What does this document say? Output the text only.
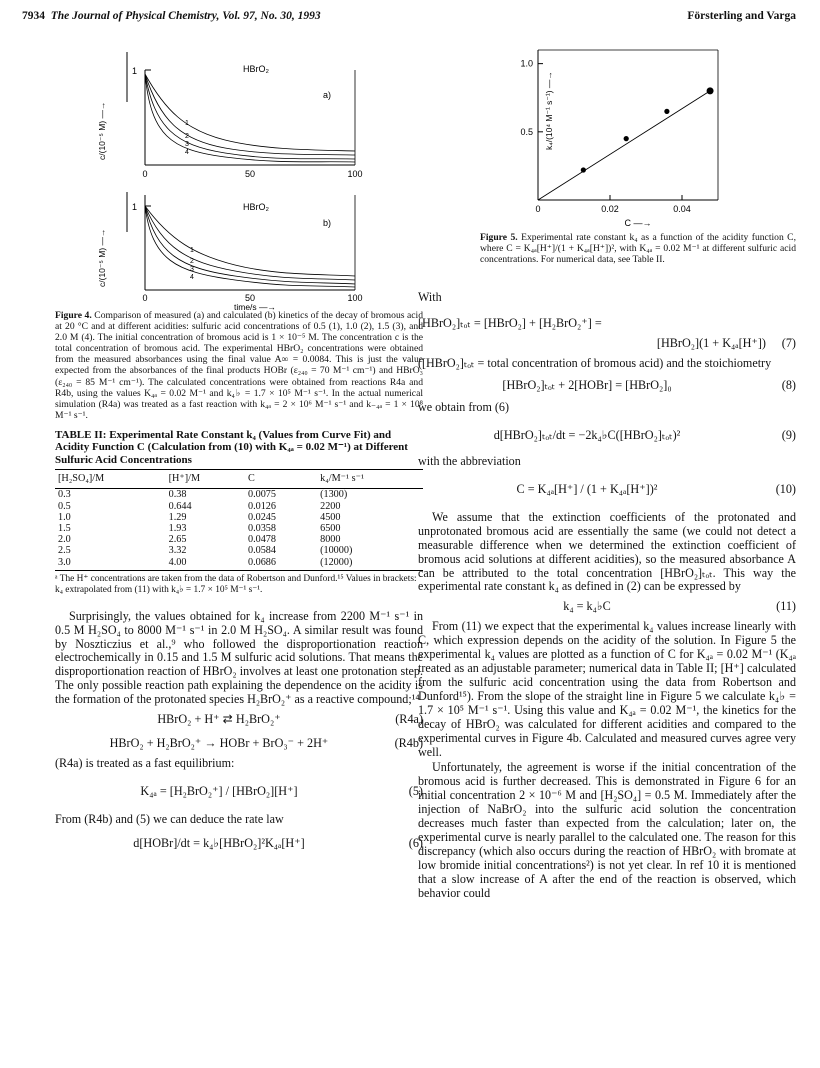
7934 The Journal of Physical Chemistry, Vol. 97, No. 30, 1993	Försterling and Varga
1
c/(10⁻⁵ M) —→
HBrO₂
a)
1
2
3
4
0	50	100
1
c/(10⁻⁵ M) —→
HBrO₂
b)
1
2
3
4
0	50	100
time/s —→
Figure 4. Comparison of measured (a) and calculated (b) kinetics of the decay of bromous acid at 20 °C and at different acidities: sulfuric acid concentrations of 0.5 (1), 1.0 (2), 1.5 (3), and 2.0 M (4). The initial concentration of bromous acid is 1 × 10⁻⁵ M. The concentration c is the total concentration of bromous acid. The experimental HBrO₂ concentrations were obtained from the measured absorbances using the final value A∞ = 0.0084. This is just the value expected from the absorbances of the final products HOBr (ε₂₄₀ = 70 M⁻¹ cm⁻¹) and HBrO₃ (ε₂₄₀ = 85 M⁻¹ cm⁻¹). The calculated concentrations were obtained from reactions R4a and R4b, using the values K₄ₐ = 0.02 M⁻¹ and k₄♭ = 1.7 × 10⁵ M⁻¹ s⁻¹. In the actual numerical simulation (R4a) was treated as a fast reaction with k₄ₐ = 2 × 10⁶ M⁻¹ s⁻¹ and k₋₄ₐ = 1 × 10⁸ M⁻¹ s⁻¹.
TABLE II: Experimental Rate Constant k₄ (Values from Curve Fit) and Acidity Function C (Calculation from (10) with K₄ₐ = 0.02 M⁻¹) at Different Sulfuric Acid Concentrations
[H₂SO₄]/M	[H⁺]/M	C	k₄/M⁻¹ s⁻¹
0.3	0.38	0.0075	(1300)
0.5	0.644	0.0126	2200
1.0	1.29	0.0245	4500
1.5	1.93	0.0358	6500
2.0	2.65	0.0478	8000
2.5	3.32	0.0584	(10000)
3.0	4.00	0.0686	(12000)
ᵃ The H⁺ concentrations are taken from the data of Robertson and Dunford.¹⁵ Values in brackets: k₄ extrapolated from (11) with k₄♭ = 1.7 × 10⁵ M⁻¹ s⁻¹.

Surprisingly, the values obtained for k₄ increase from 2200 M⁻¹ s⁻¹ in 0.5 M H₂SO₄ to 8000 M⁻¹ s⁻¹ in 2.0 M H₂SO₄. A similar result was found by Noszticzius et al.,⁹ who followed the disproportionation reaction electrochemically in 0.15 and 1.5 M sulfuric acid solutions. That means the disproportionation reaction of HBrO₂ involves at least one protonation step. The only possible reaction path explaining the dependence on the acidity is the formation of the protonated species H₂BrO₂⁺ as a reactive compound;¹⁴

HBrO₂ + H⁺ ⇄ H₂BrO₂⁺	(R4a)
HBrO₂ + H₂BrO₂⁺ → HOBr + BrO₃⁻ + 2H⁺	(R4b)

(R4a) is treated as a fast equilibrium:

K₄ₐ = [H₂BrO₂⁺] / [HBrO₂][H⁺]	(5)

From (R4b) and (5) we can deduce the rate law

d[HOBr]/dt = k₄♭[HBrO₂]²K₄ₐ[H⁺]	(6)
0	0.02	0.04
0.5
1.0
k₄/(10⁴ M⁻¹ s⁻¹) —→
C —→
Figure 5. Experimental rate constant k₄ as a function of the acidity function C, where C = K₄ₐ[H⁺]/(1 + K₄ₐ[H⁺])², with K₄ₐ = 0.02 M⁻¹ at different sulfuric acid concentrations. For numerical data, see Table II.

With

[HBrO₂]ₜₒₜ = [HBrO₂] + [H₂BrO₂⁺] =
[HBrO₂](1 + K₄ₐ[H⁺]) (7)

([HBrO₂]ₜₒₜ = total concentration of bromous acid) and the stoichiometry

[HBrO₂]ₜₒₜ + 2[HOBr] = [HBrO₂]₀	(8)

we obtain from (6)

d[HBrO₂]ₜₒₜ/dt = −2k₄♭C([HBrO₂]ₜₒₜ)²	(9)

with the abbreviation

C = K₄ₐ[H⁺] / (1 + K₄ₐ[H⁺])²	(10)

We assume that the extinction coefficients of the protonated and unprotonated bromous acid are essentially the same (we could not detect a measurable difference when we determined the extinction coefficient of bromous acid solutions at different acidities), so the measured absorbance A can be attributed to the total concentration [HBrO₂]ₜₒₜ. This way the experimental rate constant k₄ as defined in (2) can be expressed by

k₄ = k₄♭C	(11)

From (11) we expect that the experimental k₄ values increase linearly with C, which expression depends on the acidity of the solution. In Figure 5 the experimental k₄ values are plotted as a function of C for K₄ₐ = 0.02 M⁻¹ (K₄ₐ treated as an adjustable parameter; numerical data in Table II; [H⁺] calculated from the sulfuric acid concentration using the data from Robertson and Dunford¹⁵). From the slope of the straight line in Figure 5 we calculate k₄♭ = 1.7 × 10⁵ M⁻¹ s⁻¹. Using this value and K₄ₐ = 0.02 M⁻¹, the kinetics for the decay of HBrO₂ was calculated for different acidities and compared to the experimental curves in Figure 4b. Calculated and measured curves agree very well.

Unfortunately, the agreement is worse if the initial concentration of the bromous acid is further decreased. This is demonstrated in Figure 6 for an initial concentration 2 × 10⁻⁶ M and [H₂SO₄] = 0.5 M. Immediately after the injection of NaBrO₂ into the sulfuric acid solution the concentration decreases much faster than expected from the calculation; later on, the experimental curve is nearly parallel to the calculated one. The reason for this discrepancy (which also occurs during the reaction of HBrO₂ with bromate at low bromide initial concentrations²) is not yet clear. In ref 10 it is mentioned that a slow increase of A after the end of the reaction is observed, which behavior could
